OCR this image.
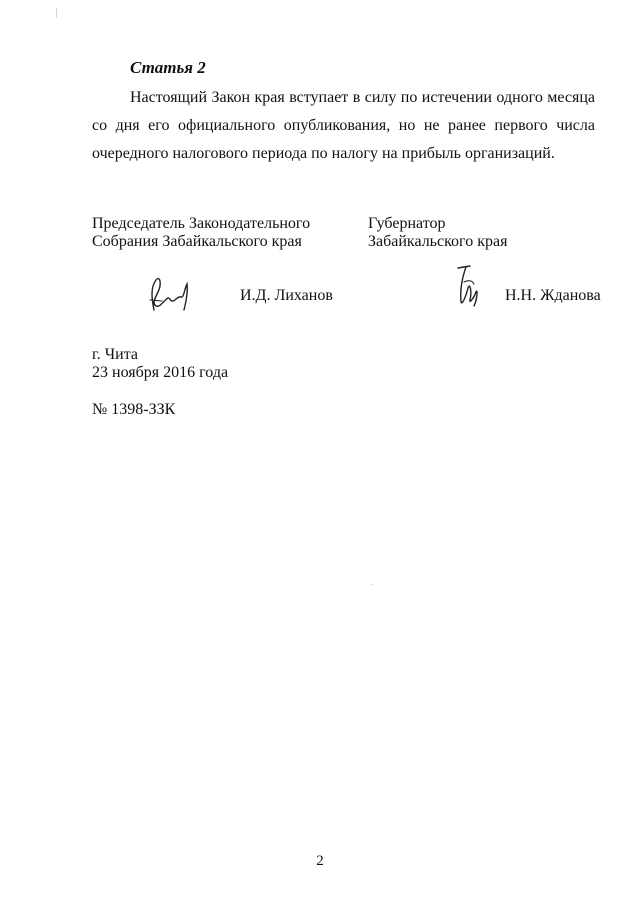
Статья 2
Настоящий Закон края вступает в силу по истечении одного месяца со дня его официального опубликования, но не ранее первого числа очередного налогового периода по налогу на прибыль организаций.
Председатель Законодательного
Собрания Забайкальского края
И.Д. Лиханов
Губернатор
Забайкальского края
Н.Н. Жданова
г. Чита
23 ноября 2016 года
№ 1398-ЗЗК
2
